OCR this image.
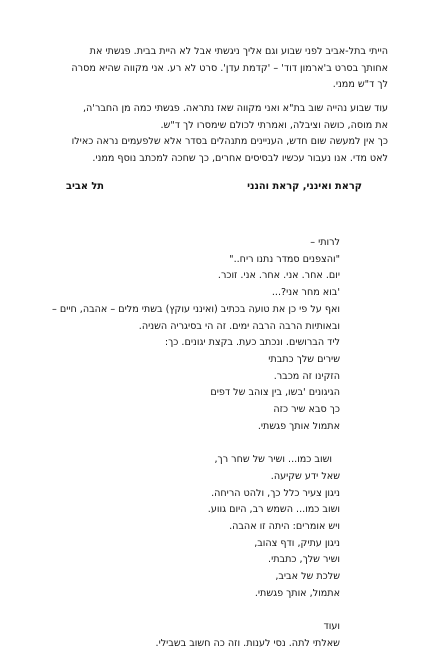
הייתי בתל-אביב לפני שבוע וגם אליך ניגשתי אבל לא היית בבית. פגשתי את
אחותך בסרט ב'ארמון דוד' – 'קדמת עדן'. סרט לא רע. אני מקווה שהיא מסרה
לך ד"ש ממני.
עוד שבוע נהייה שוב בת"א ואני מקווה שאז נתראה. פגשתי כמה מן החבר'ה,
את מוסה, כושה וציבלה, ואמרתי לכולם שימסרו לך ד"ש.
כך אין למעשה שום חדש, העניינים מתנהלים בסדר אלא שלפעמים נראה כאילו
לאט מדי. אנו נעבור עכשיו לבסיסים אחרים, כך שחכה למכתב נוסף ממני.
קראת ואינני, קראת והנני
תל אביב
לרותי –
"והצפנים סמדר נתנו ריח.."
יום. אחר. אני. אחר. אני. זוכר.
'בוא מחר אני?...
ואף על פי כן את טועה בכתיב (ואינני עוקץ) בשתי מלים – אהבה, חיים –
ובאותיות הרבה הרבה ימים. זה הי בסיגריה השניה.
ליד הברושים. ונכתב כעת. בקצת יגונים. כך:
שירים שלך כתבתי
הזקינו זה מכבר.
הגיגונים 'בשו, בין צוהב של דפים
כך סבא שיר כזה
אתמול אותך פגשתי.
ושוב כמו... ושיר של שחר רך,
שאל ידע שקיעה.
ניגון צעיר כלל כך, ולהט הריחה.
ושוב כמו... השמש רב, היום גווע.
ויש אומרים: היתה זו אהבה.
ניגון עתיק, ודף צהוב,
ושיר שלך, כתבתי.
שלכת של אביב,
אתמול, אותך פגשתי.
ועוד
שאלתי לתה. נסי לענות. וזה כה חשוב בשבילי.
